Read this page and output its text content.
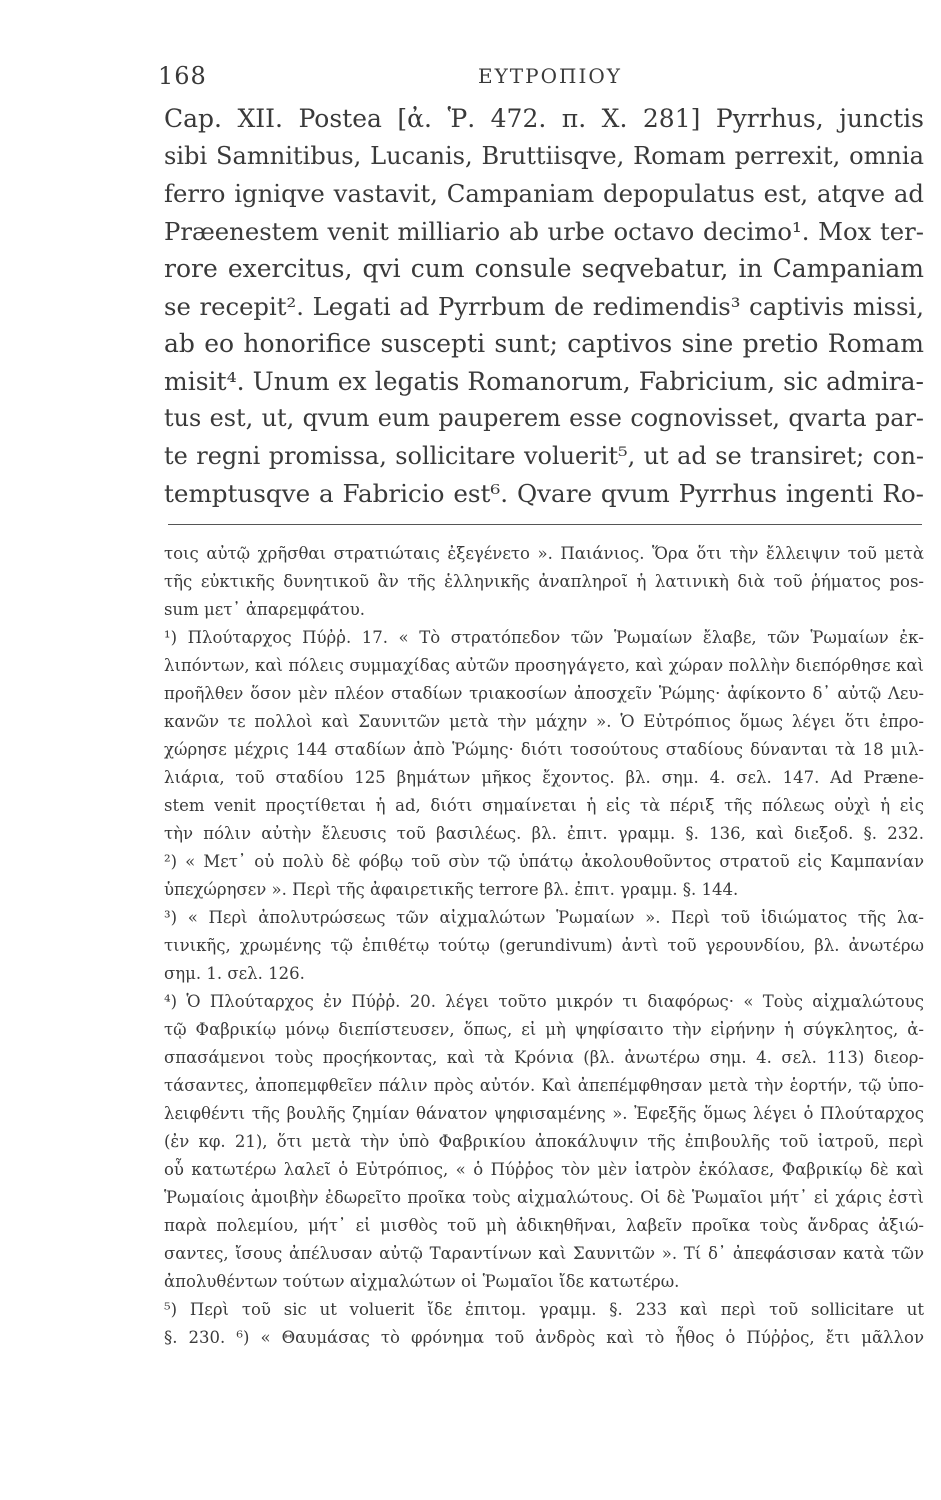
168	ΕΥΤΡΟΠΙΟΥ
Cap. XII. Postea [ἀ. Ῥ. 472. π. Χ. 281] Pyrrhus, junctis
sibi Samnitibus, Lucanis, Bruttiisqve, Romam perrexit, omnia
ferro igniqve vastavit, Campaniam depopulatus est, atqve ad
Præenestem venit milliario ab urbe octavo decimo¹. Mox ter-
rore exercitus, qvi cum consule seqvebatur, in Campaniam
se recepit². Legati ad Pyrrbum de redimendis³ captivis missi,
ab eo honorifice suscepti sunt; captivos sine pretio Romam
misit⁴. Unum ex legatis Romanorum, Fabricium, sic admira-
tus est, ut, qvum eum pauperem esse cognovisset, qvarta par-
te regni promissa, sollicitare voluerit⁵, ut ad se transiret; con-
temptusqve a Fabricio est⁶. Qvare qvum Pyrrhus ingenti Ro-
τοις αὐτῷ χρῆσθαι στρατιώταις ἐξεγένετο ». Παιάνιος. Ὅρα ὅτι τὴν ἔλλειψιν τοῦ μετὰ
τῆς εὐκτικῆς δυνητικοῦ ἂν τῆς ἑλληνικῆς ἀναπληροῖ ἡ λατινικὴ διὰ τοῦ ῥήματος pos-
sum μετ᾽ ἀπαρεμφάτου.
¹) Πλούταρχος Πύῤῥ. 17. « Τὸ στρατόπεδον τῶν Ῥωμαίων ἔλαβε, τῶν Ῥωμαίων ἐκ-
λιπόντων, καὶ πόλεις συμμαχίδας αὐτῶν προσηγάγετο, καὶ χώραν πολλὴν διεπόρθησε καὶ
προῆλθεν ὅσον μὲν πλέον σταδίων τριακοσίων ἀποσχεῖν Ῥώμης· ἀφίκοντο δ᾽ αὐτῷ Λευ-
κανῶν τε πολλοὶ καὶ Σαυνιτῶν μετὰ τὴν μάχην ». Ὁ Εὐτρόπιος ὅμως λέγει ὅτι ἐπρο-
χώρησε μέχρις 144 σταδίων ἀπὸ Ῥώμης· διότι τοσούτους σταδίους δύνανται τὰ 18 μιλ-
λιάρια, τοῦ σταδίου 125 βημάτων μῆκος ἔχοντος. βλ. σημ. 4. σελ. 147. Ad Præne-
stem venit προςτίθεται ἡ ad, διότι σημαίνεται ἡ εἰς τὰ πέριξ τῆς πόλεως οὐχὶ ἡ εἰς
τὴν πόλιν αὐτὴν ἔλευσις τοῦ βασιλέως. βλ. ἐπιτ. γραμμ. §. 136, καὶ διεξοδ. §. 232.
²) « Μετ᾽ οὐ πολὺ δὲ φόβῳ τοῦ σὺν τῷ ὑπάτῳ ἀκολουθοῦντος στρατοῦ εἰς Καμπανίαν
ὑπεχώρησεν ». Περὶ τῆς ἀφαιρετικῆς terrore βλ. ἐπιτ. γραμμ. §. 144.
³) « Περὶ ἀπολυτρώσεως τῶν αἰχμαλώτων Ῥωμαίων ». Περὶ τοῦ ἰδιώματος τῆς λα-
τινικῆς, χρωμένης τῷ ἐπιθέτῳ τούτῳ (gerundivum) ἀντὶ τοῦ γερουνδίου, βλ. ἀνωτέρω
σημ. 1. σελ. 126.
⁴) Ὁ Πλούταρχος ἐν Πύῤῥ. 20. λέγει τοῦτο μικρόν τι διαφόρως· « Τοὺς αἰχμαλώτους
τῷ Φαβρικίῳ μόνῳ διεπίστευσεν, ὅπως, εἰ μὴ ψηφίσαιτο τὴν εἰρήνην ἡ σύγκλητος, ἀ-
σπασάμενοι τοὺς προςήκοντας, καὶ τὰ Κρόνια (βλ. ἀνωτέρω σημ. 4. σελ. 113) διεορ-
τάσαντες, ἀποπεμφθεῖεν πάλιν πρὸς αὐτόν. Καὶ ἀπεπέμφθησαν μετὰ τὴν ἑορτήν, τῷ ὑπο-
λειφθέντι τῆς βουλῆς ζημίαν θάνατον ψηφισαμένης ». Ἐφεξῆς ὅμως λέγει ὁ Πλούταρχος
(ἐν κφ. 21), ὅτι μετὰ τὴν ὑπὸ Φαβρικίου ἀποκάλυψιν τῆς ἐπιβουλῆς τοῦ ἰατροῦ, περὶ
οὗ κατωτέρω λαλεῖ ὁ Εὐτρόπιος, « ὁ Πύῤῥος τὸν μὲν ἰατρὸν ἐκόλασε, Φαβρικίῳ δὲ καὶ
Ῥωμαίοις ἀμοιβὴν ἐδωρεῖτο προῖκα τοὺς αἰχμαλώτους. Οἱ δὲ Ῥωμαῖοι μήτ᾽ εἰ χάρις ἐστὶ
παρὰ πολεμίου, μήτ᾽ εἰ μισθὸς τοῦ μὴ ἀδικηθῆναι, λαβεῖν προῖκα τοὺς ἄνδρας ἀξιώ-
σαντες, ἴσους ἀπέλυσαν αὐτῷ Ταραντίνων καὶ Σαυνιτῶν ». Τί δ᾽ ἀπεφάσισαν κατὰ τῶν
ἀπολυθέντων τούτων αἰχμαλώτων οἱ Ῥωμαῖοι ἴδε κατωτέρω.
⁵) Περὶ τοῦ sic ut voluerit ἴδε ἐπιτομ. γραμμ. §. 233 καὶ περὶ τοῦ sollicitare ut
§. 230. ⁶) « Θαυμάσας τὸ φρόνημα τοῦ ἀνδρὸς καὶ τὸ ἦθος ὁ Πύῤῥος, ἔτι μᾶλλον
